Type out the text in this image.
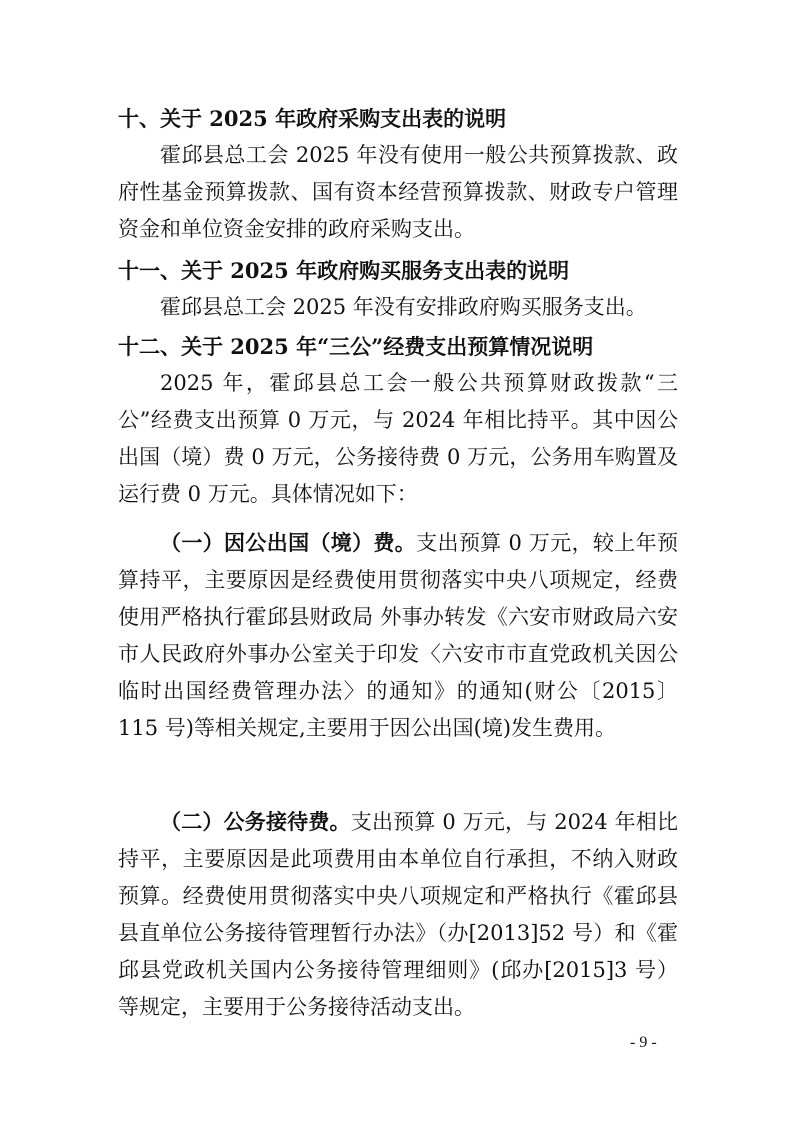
十、关于 2025 年政府采购支出表的说明

霍邱县总工会 2025 年没有使用一般公共预算拨款、政府性基金预算拨款、国有资本经营预算拨款、财政专户管理资金和单位资金安排的政府采购支出。

十一、关于 2025 年政府购买服务支出表的说明

霍邱县总工会 2025 年没有安排政府购买服务支出。

十二、关于 2025 年“三公”经费支出预算情况说明

2025 年，霍邱县总工会一般公共预算财政拨款“三公”经费支出预算 0 万元，与 2024 年相比持平。其中因公出国（境）费 0 万元，公务接待费 0 万元，公务用车购置及运行费 0 万元。具体情况如下：

（一）因公出国（境）费。支出预算 0 万元，较上年预算持平，主要原因是经费使用贯彻落实中央八项规定，经费使用严格执行霍邱县财政局 外事办转发《六安市财政局六安市人民政府外事办公室关于印发〈六安市市直党政机关因公临时出国经费管理办法〉的通知》的通知(财公〔2015〕115 号)等相关规定,主要用于因公出国(境)发生费用。

（二）公务接待费。支出预算 0 万元，与 2024 年相比持平，主要原因是此项费用由本单位自行承担，不纳入财政预算。经费使用贯彻落实中央八项规定和严格执行《霍邱县县直单位公务接待管理暂行办法》（办[2013]52 号）和《霍邱县党政机关国内公务接待管理细则》(邱办[2015]3 号）等规定，主要用于公务接待活动支出。

- 9 -
